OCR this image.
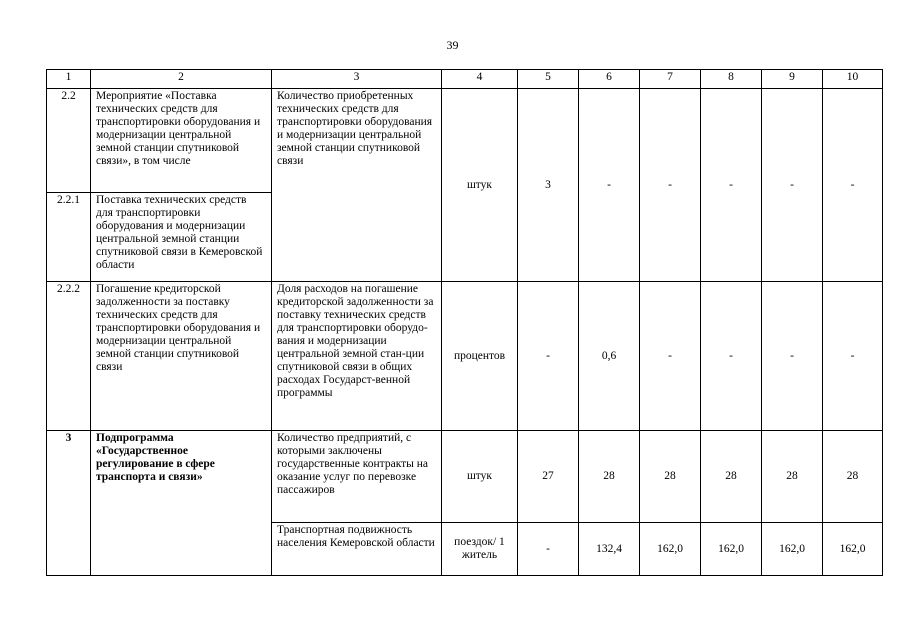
39
1	2	3	4	5	6	7	8	9	10
2.2	Мероприятие «Поставка технических средств для транспортировки оборудования и модернизации центральной земной станции спутниковой связи», в том числе	Количество приобретенных технических средств для транспортировки оборудования и модернизации центральной земной станции спутниковой связи	штук	3	-	-	-	-	-
2.2.1	Поставка технических средств для транспортировки оборудования и модернизации центральной земной станции спутниковой связи в Кемеровской области								
2.2.2	Погашение кредиторской задолженности за поставку технических средств для транспортировки оборудования и модернизации центральной земной станции спутниковой связи	Доля расходов на погашение кредиторской задолженности за поставку технических средств для транспортировки оборудо-вания и модернизации центральной земной стан-ции спутниковой связи в общих расходах Государст-венной программы	процентов	-	0,6	-	-	-	-
3	Подпрограмма «Государственное регулирование в сфере транспорта и связи»	Количество предприятий, с которыми заключены государственные контракты на оказание услуг по перевозке пассажиров	штук	27	28	28	28	28	28
		Транспортная подвижность населения Кемеровской области	поездок/ 1 житель	-	132,4	162,0	162,0	162,0	162,0
